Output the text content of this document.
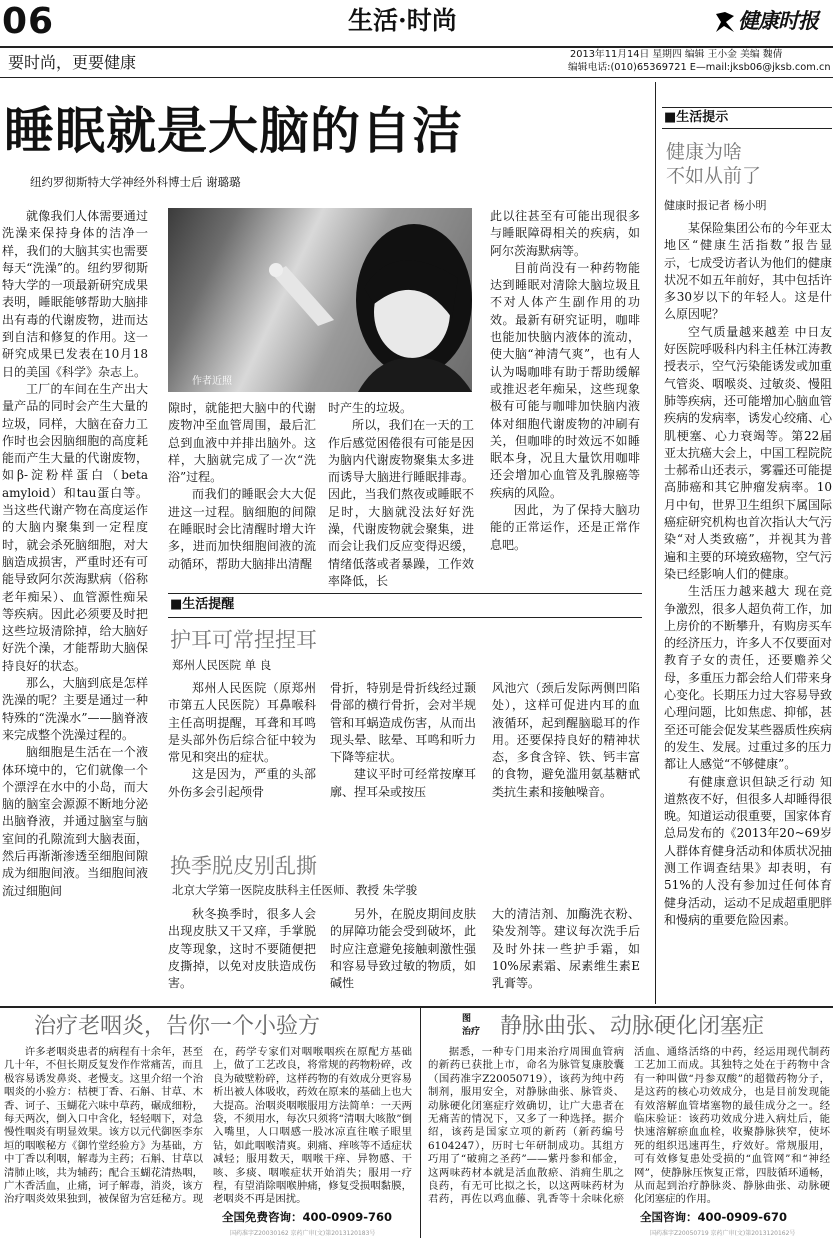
06	生活·时尚	健康时报
要时尚，更要健康	2013年11月14日 星期四 编辑 王小金 美编 魏倩
编辑电话:(010)65369721 E—mail:jksb06@jksb.com.cn
睡眠就是大脑的自洁
纽约罗彻斯特大学神经外科博士后 谢璐璐

就像我们人体需要通过洗澡来保持身体的洁净一样，我们的大脑其实也需要每天“洗澡”的。纽约罗彻斯特大学的一项最新研究成果表明，睡眠能够帮助大脑排出有毒的代谢废物，进而达到自洁和修复的作用。这一研究成果已发表在10月18日的美国《科学》杂志上。

工厂的车间在生产出大量产品的同时会产生大量的垃圾，同样，大脑在奋力工作时也会因脑细胞的高度耗能而产生大量的代谢废物，如β-淀粉样蛋白（beta amyloid）和tau蛋白等。当这些代谢产物在高度运作的大脑内聚集到一定程度时，就会杀死脑细胞，对大脑造成损害，严重时还有可能导致阿尔茨海默病（俗称老年痴呆）、血管源性痴呆等疾病。因此必须要及时把这些垃圾清除掉，给大脑好好洗个澡，才能帮助大脑保持良好的状态。

那么，大脑到底是怎样洗澡的呢？主要是通过一种特殊的“洗澡水”——脑脊液来完成整个洗澡过程的。

脑细胞是生活在一个液体环境中的，它们就像一个个漂浮在水中的小岛，而大脑的脑室会源源不断地分泌出脑脊液，并通过脑室与脑室间的孔隙流到大脑表面，然后再渐渐渗透至细胞间隙成为细胞间液。当细胞间液流过细胞间

作者近照

隙时，就能把大脑中的代谢废物冲至血管周围，最后汇总到血液中并排出脑外。这样，大脑就完成了一次“洗浴”过程。

而我们的睡眠会大大促进这一过程。脑细胞的间隙在睡眠时会比清醒时增大许多，进而加快细胞间液的流动循环，帮助大脑排出清醒

时产生的垃圾。

所以，我们在一天的工作后感觉困倦很有可能是因为脑内代谢废物聚集太多进而诱导大脑进行睡眠排毒。因此，当我们熬夜或睡眠不足时，大脑就没法好好洗澡，代谢废物就会聚集，进而会让我们反应变得迟缓，情绪低落或者暴躁，工作效率降低，长

此以往甚至有可能出现很多与睡眠障碍相关的疾病，如阿尔茨海默病等。

目前尚没有一种药物能达到睡眠对清除大脑垃圾且不对人体产生副作用的功效。最新有研究证明，咖啡也能加快脑内液体的流动，使大脑“神清气爽”，也有人认为喝咖啡有助于帮助缓解或推迟老年痴呆，这些现象极有可能与咖啡加快脑内液体对细胞代谢废物的冲刷有关，但咖啡的时效远不如睡眠本身，况且大量饮用咖啡还会增加心血管及乳腺癌等疾病的风险。

因此，为了保持大脑功能的正常运作，还是正常作息吧。

■生活提醒
护耳可常捏捏耳
郑州人民医院 单 良

郑州人民医院（原郑州市第五人民医院）耳鼻喉科主任高明提醒，耳聋和耳鸣是头部外伤后综合征中较为常见和突出的症状。

这是因为，严重的头部外伤多会引起颅骨

骨折，特别是骨折线经过颞骨部的横行骨折，会对半规管和耳蜗造成伤害，从而出现头晕、眩晕、耳鸣和听力下降等症状。

建议平时可经常按摩耳廓、捏耳朵或按压

风池穴（颈后发际两侧凹陷处），这样可促进内耳的血液循环，起到醒脑聪耳的作用。还要保持良好的精神状态，多食含锌、铁、钙丰富的食物，避免滥用氨基糖甙类抗生素和接触噪音。

换季脱皮别乱撕
北京大学第一医院皮肤科主任医师、教授 朱学骏

秋冬换季时，很多人会出现皮肤又干又痒，手掌脱皮等现象，这时不要随便把皮撕掉，以免对皮肤造成伤害。

另外，在脱皮期间皮肤的屏障功能会受到破坏，此时应注意避免接触刺激性强和容易导致过敏的物质，如碱性

大的清洁剂、加酶洗衣粉、染发剂等。建议每次洗手后及时外抹一些护手霜，如10%尿素霜、尿素维生素E乳膏等。

■生活提示
健康为啥
不如从前了
健康时报记者 杨小明

某保险集团公布的今年亚太地区“健康生活指数”报告显示，七成受访者认为他们的健康状况不如五年前好，其中包括许多30岁以下的年轻人。这是什么原因呢？

空气质量越来越差 中日友好医院呼吸科内科主任林江涛教授表示，空气污染能诱发或加重气管炎、咽喉炎、过敏炎、慢阻肺等疾病，还可能增加心脑血管疾病的发病率，诱发心绞痛、心肌梗塞、心力衰竭等。第22届亚太抗癌大会上，中国工程院院士郝希山还表示，雾霾还可能提高肺癌和其它肿瘤发病率。10月中旬，世界卫生组织下属国际癌症研究机构也首次指认大气污染“对人类致癌”，并视其为普遍和主要的环境致癌物，空气污染已经影响人们的健康。

生活压力越来越大 现在竞争激烈，很多人超负荷工作，加上房价的不断攀升，有购房买车的经济压力，许多人不仅要面对教育子女的责任，还要赡养父母，多重压力都会给人们带来身心变化。长期压力过大容易导致心理问题，比如焦虑、抑郁，甚至还可能会促发某些器质性疾病的发生、发展。过重过多的压力都让人感觉“不够健康”。

有健康意识但缺乏行动 知道熬夜不好，但很多人却睡得很晚。知道运动很重要，国家体育总局发布的《2013年20~69岁人群体育健身活动和体质状况抽测工作调查结果》却表明，有51%的人没有参加过任何体育健身活动，运动不足成超重肥胖和慢病的重要危险因素。

治疗老咽炎，告你一个小验方

许多老咽炎患者的病程有十余年，甚至几十年，不但长期反复发作作常痛苦，而且极容易诱发鼻炎、老慢支。这里介绍一个治咽炎的小验方：桔梗丁香、石斛、甘草、木香、诃子、玉蝴花六味中草药，碾成细粉，每天两次，倒入口中含化，轻轻咽下，对急慢性咽炎有明显效果。该方以元代御医李东垣的咽喉秘方《御竹堂经验方》为基础，方中丁香以利咽，解毒为主药；石斛、甘草以清肺止咳，共为辅药；配合玉蝴花清热咽，广木香活血，止痛，诃子解毒，消炎，该方治疗咽炎效果独到，被保留为宫廷秘方。现在，药学专家们对咽喉咽疾在原配方基础上，做了工艺改良，将常规的药物粉碎，改良为破壁粉碎，这样药物的有效成分更容易析出被人体吸收，药效在原来的基础上也大大提高。治咽炎咽喉服用方法简单：一天两袋，不须用水，每次只须将“清咽大咳散”倒入嘴里，人口咽感一股冰凉直往喉子眼里钻，如此咽喉清爽。刺痛、痒咳等不适症状减轻；服用数天，咽喉干痒、异物感、干咳、多痰、咽喉症状开始消失；服用一疗程，有望消除咽喉肿痛，修复受损咽黏膜，老咽炎不再是困扰。

全国免费咨询：400-0909-760
国药准字Z20030162 京药广审(文)第2013120183号
图
治疗 静脉曲张、动脉硬化闭塞症

据悉，一种专门用来治疗周围血管病的新药已获批上市，命名为脉管复康胶囊（国药准字Z20050719），该药为纯中药制剂，服用安全，对静脉曲张、脉管炎、动脉硬化闭塞症疗效确切，让广大患者在无痛苦的情况下，又多了一种选择。据介绍，该药是国家立项的新药（新药编号6104247），历时七年研制成功。其组方巧用了“破痈之圣药”——紫丹参和郁金，这两味药材本就是活血散瘀、消痈生肌之良药，有无可比拟之长，以这两味药材为君药，再佐以鸡血藤、乳香等十余味化瘀活血、通络活络的中药，经运用现代制药工艺加工而成。其独特之处在于药物中含有一种叫做“丹参双酸”的超微药物分子，是这药的核心功效成分，也是目前发现能有效溶解血管堵塞物的最佳成分之一。经临床验证：该药功效成分进入病灶后，能快速溶解瘀血血栓，收聚静脉狭窄，使坏死的组织迅速再生，疗效好。常规服用，可有效修复患处受损的“血管网”和“神经网”，使静脉压恢复正常，四肢循环通畅，从而起到治疗静脉炎、静脉曲张、动脉硬化闭塞症的作用。

全国咨询：400-0909-670
国药准字Z20050719 京药广审(文)第2013120162号
